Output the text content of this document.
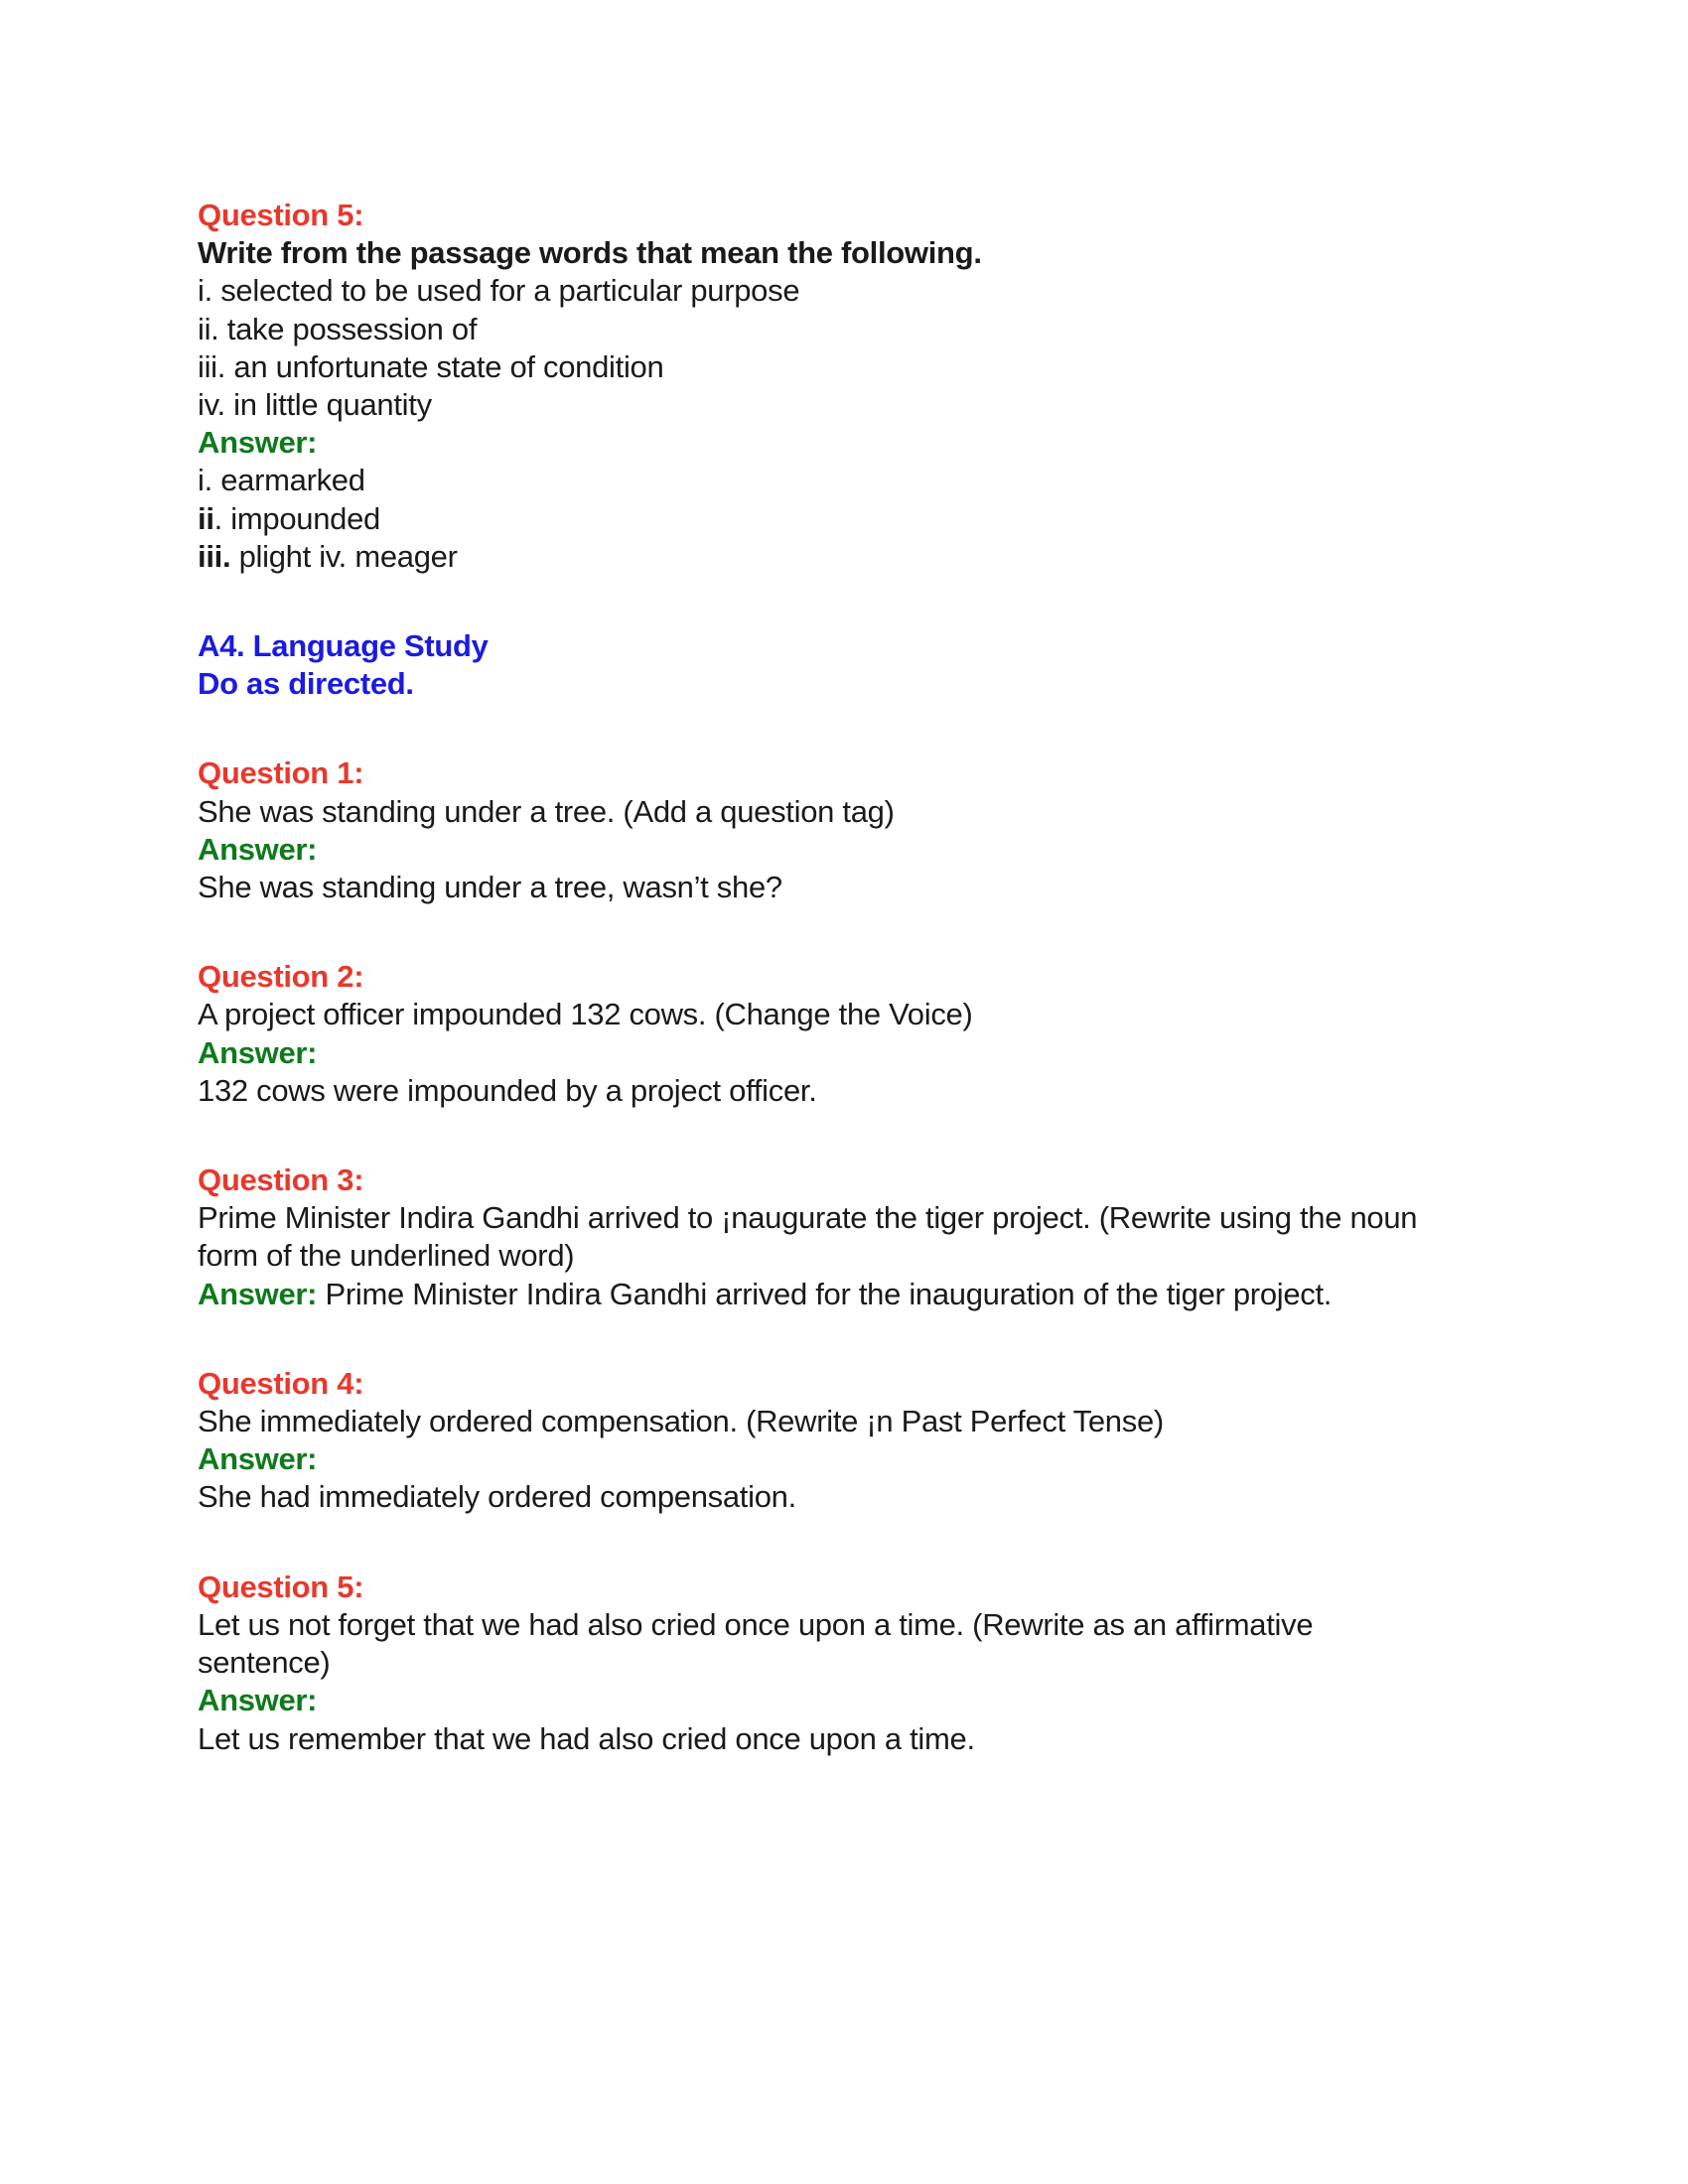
Question 5:
Write from the passage words that mean the following.
i. selected to be used for a particular purpose
ii. take possession of
iii. an unfortunate state of condition
iv. in little quantity
Answer:
i. earmarked
ii. impounded
iii. plight iv. meager
A4. Language Study
Do as directed.
Question 1:
She was standing under a tree. (Add a question tag)
Answer:
She was standing under a tree, wasn’t she?
Question 2:
A project officer impounded 132 cows. (Change the Voice)
Answer:
132 cows were impounded by a project officer.
Question 3:
Prime Minister Indira Gandhi arrived to ¡naugurate the tiger project. (Rewrite using the noun form of the underlined word)
Answer: Prime Minister Indira Gandhi arrived for the inauguration of the tiger project.
Question 4:
She immediately ordered compensation. (Rewrite ¡n Past Perfect Tense)
Answer:
She had immediately ordered compensation.
Question 5:
Let us not forget that we had also cried once upon a time. (Rewrite as an affirmative sentence)
Answer:
Let us remember that we had also cried once upon a time.
